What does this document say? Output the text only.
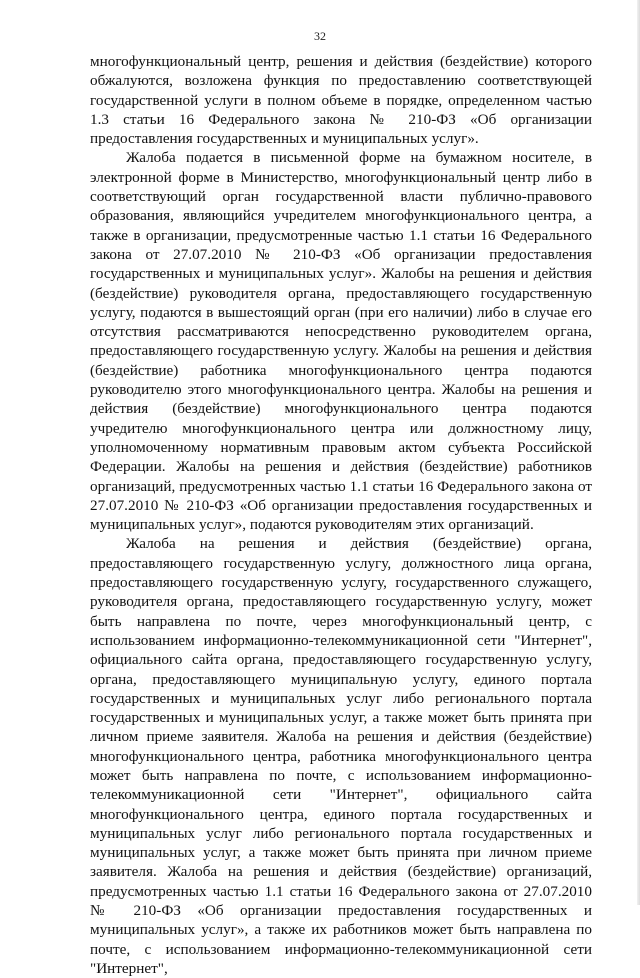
32

многофункциональный центр, решения и действия (бездействие) которого обжалуются, возложена функция по предоставлению соответствующей государственной услуги в полном объеме в порядке, определенном частью 1.3 статьи 16 Федерального закона № 210-ФЗ «Об организации предоставления государственных и муниципальных услуг».

Жалоба подается в письменной форме на бумажном носителе, в электронной форме в Министерство, многофункциональный центр либо в соответствующий орган государственной власти публично-правового образования, являющийся учредителем многофункционального центра, а также в организации, предусмотренные частью 1.1 статьи 16 Федерального закона от 27.07.2010 № 210-ФЗ «Об организации предоставления государственных и муниципальных услуг». Жалобы на решения и действия (бездействие) руководителя органа, предоставляющего государственную услугу, подаются в вышестоящий орган (при его наличии) либо в случае его отсутствия рассматриваются непосредственно руководителем органа, предоставляющего государственную услугу. Жалобы на решения и действия (бездействие) работника многофункционального центра подаются руководителю этого многофункционального центра. Жалобы на решения и действия (бездействие) многофункционального центра подаются учредителю многофункционального центра или должностному лицу, уполномоченному нормативным правовым актом субъекта Российской Федерации. Жалобы на решения и действия (бездействие) работников организаций, предусмотренных частью 1.1 статьи 16 Федерального закона от 27.07.2010 № 210-ФЗ «Об организации предоставления государственных и муниципальных услуг», подаются руководителям этих организаций.

Жалоба на решения и действия (бездействие) органа, предоставляющего государственную услугу, должностного лица органа, предоставляющего государственную услугу, государственного служащего, руководителя органа, предоставляющего государственную услугу, может быть направлена по почте, через многофункциональный центр, с использованием информационно-телекоммуникационной сети "Интернет", официального сайта органа, предоставляющего государственную услугу, органа, предоставляющего муниципальную услугу, единого портала государственных и муниципальных услуг либо регионального портала государственных и муниципальных услуг, а также может быть принята при личном приеме заявителя. Жалоба на решения и действия (бездействие) многофункционального центра, работника многофункционального центра может быть направлена по почте, с использованием информационно-телекоммуникационной сети "Интернет", официального сайта многофункционального центра, единого портала государственных и муниципальных услуг либо регионального портала государственных и муниципальных услуг, а также может быть принята при личном приеме заявителя. Жалоба на решения и действия (бездействие) организаций, предусмотренных частью 1.1 статьи 16 Федерального закона от 27.07.2010 № 210-ФЗ «Об организации предоставления государственных и муниципальных услуг», а также их работников может быть направлена по почте, с использованием информационно-телекоммуникационной сети "Интернет",
